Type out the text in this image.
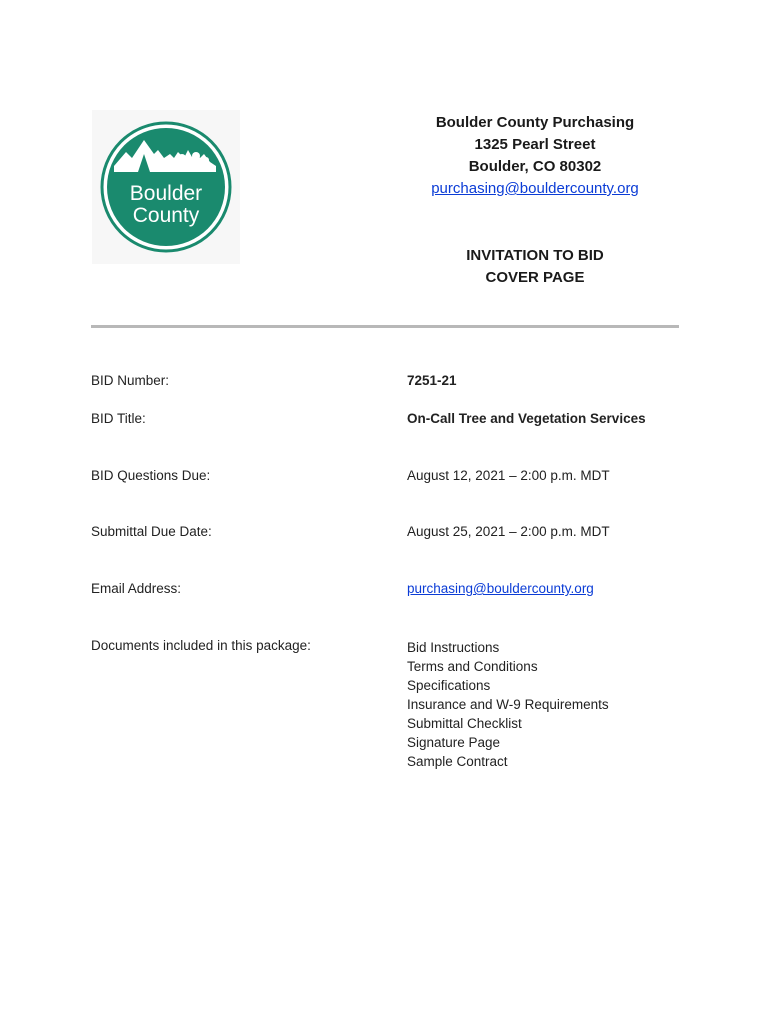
Boulder
County
Boulder County Purchasing
1325 Pearl Street
Boulder, CO 80302
purchasing@bouldercounty.org
INVITATION TO BID
COVER PAGE
BID Number:	7251-21
BID Title:	On-Call Tree and Vegetation Services
BID Questions Due:	August 12, 2021 – 2:00 p.m. MDT
Submittal Due Date:	August 25, 2021 – 2:00 p.m. MDT
Email Address:	purchasing@bouldercounty.org
Documents included in this package:	Bid Instructions
Terms and Conditions
Specifications
Insurance and W-9 Requirements
Submittal Checklist
Signature Page
Sample Contract
